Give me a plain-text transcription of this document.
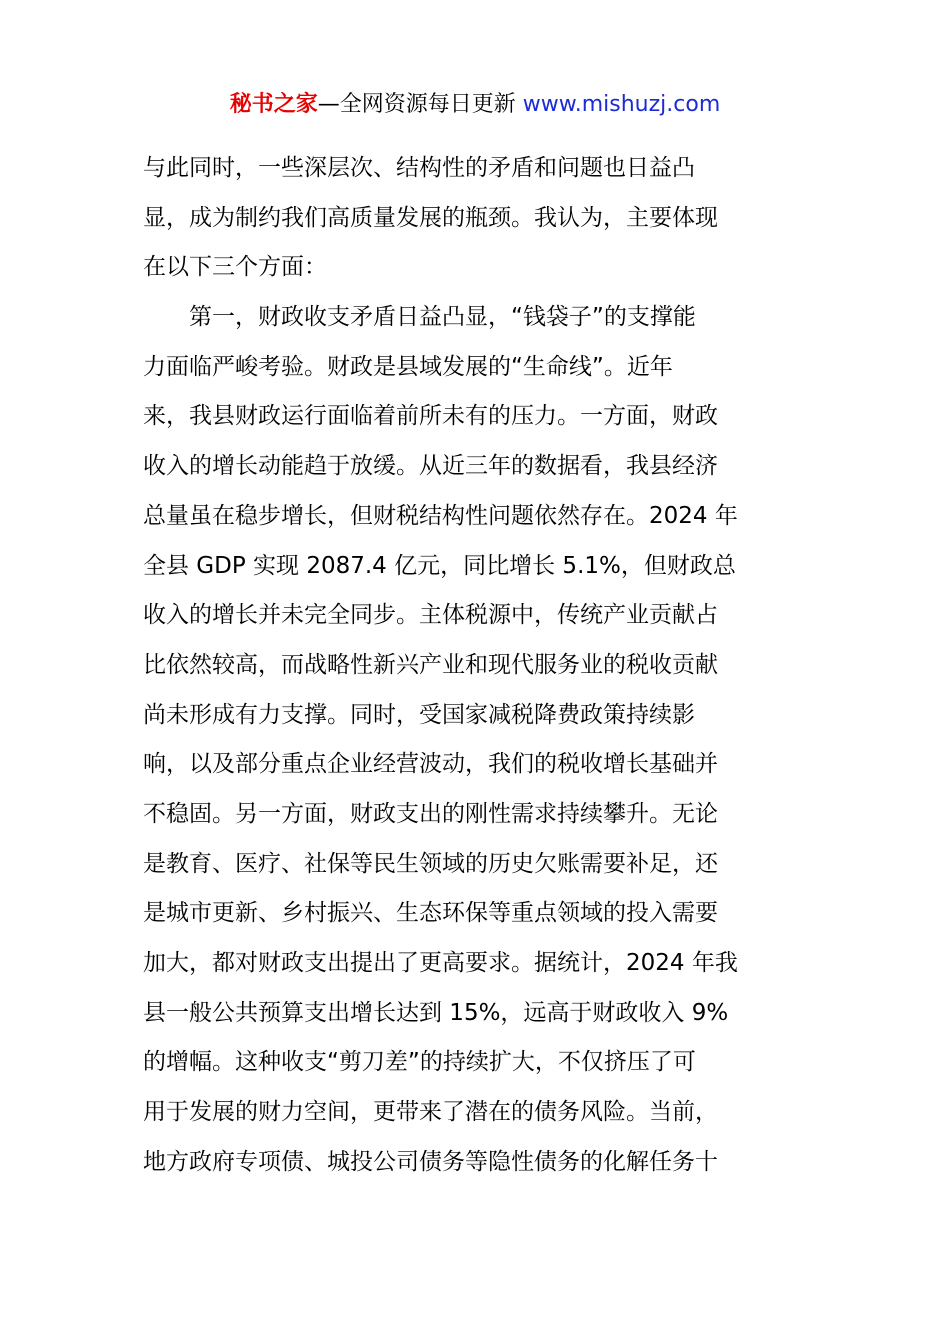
秘书之家—全网资源每日更新 www.mishuzj.com
与此同时，一些深层次、结构性的矛盾和问题也日益凸
显，成为制约我们高质量发展的瓶颈。我认为，主要体现
在以下三个方面：
　　第一，财政收支矛盾日益凸显，“钱袋子”的支撑能
力面临严峻考验。财政是县域发展的“生命线”。近年
来，我县财政运行面临着前所未有的压力。一方面，财政
收入的增长动能趋于放缓。从近三年的数据看，我县经济
总量虽在稳步增长，但财税结构性问题依然存在。2024 年
全县 GDP 实现 2087.4 亿元，同比增长 5.1%，但财政总
收入的增长并未完全同步。主体税源中，传统产业贡献占
比依然较高，而战略性新兴产业和现代服务业的税收贡献
尚未形成有力支撑。同时，受国家减税降费政策持续影
响，以及部分重点企业经营波动，我们的税收增长基础并
不稳固。另一方面，财政支出的刚性需求持续攀升。无论
是教育、医疗、社保等民生领域的历史欠账需要补足，还
是城市更新、乡村振兴、生态环保等重点领域的投入需要
加大，都对财政支出提出了更高要求。据统计，2024 年我
县一般公共预算支出增长达到 15%，远高于财政收入 9%
的增幅。这种收支“剪刀差”的持续扩大，不仅挤压了可
用于发展的财力空间，更带来了潜在的债务风险。当前，
地方政府专项债、城投公司债务等隐性债务的化解任务十
